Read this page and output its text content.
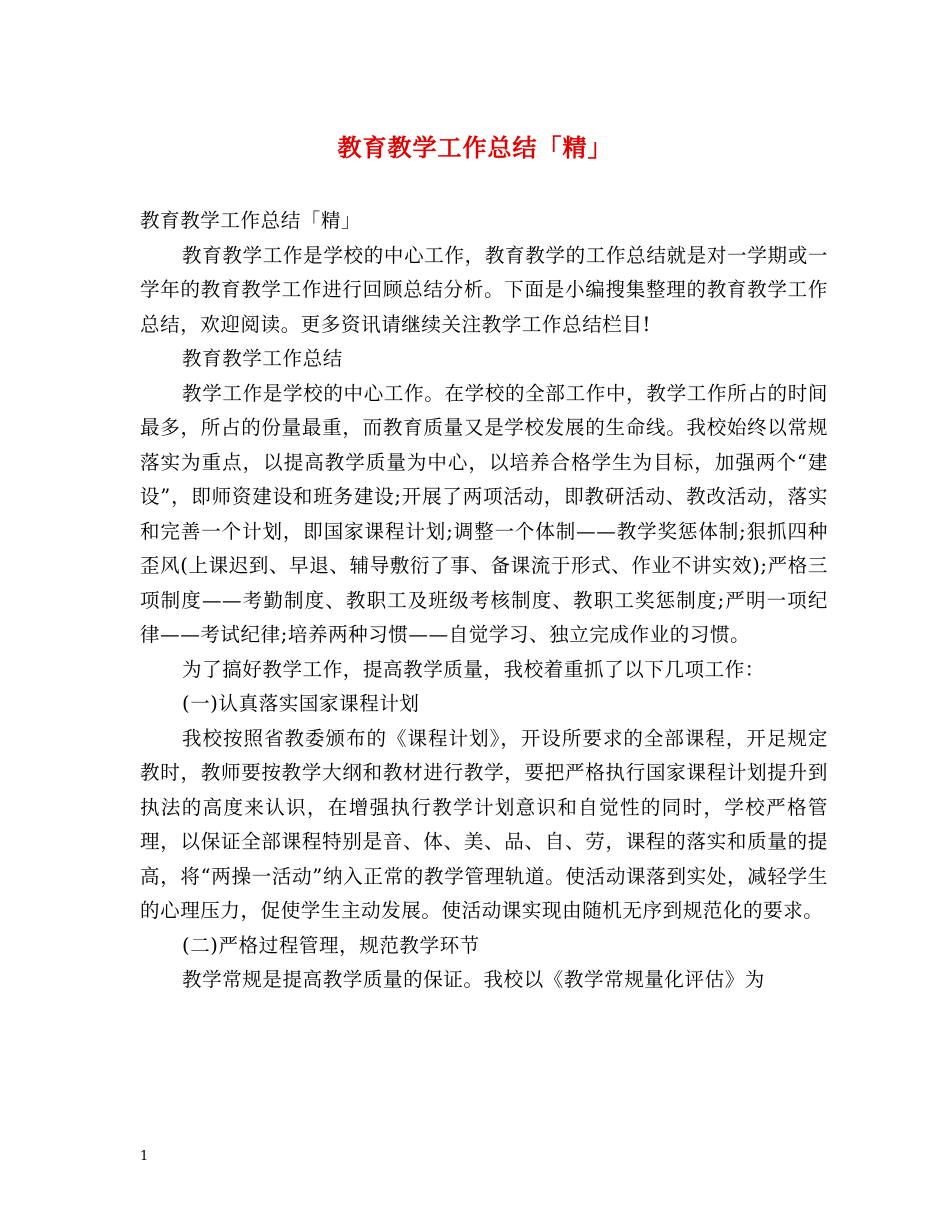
教育教学工作总结「精」

教育教学工作总结「精」

教育教学工作是学校的中心工作，教育教学的工作总结就是对一学期或一学年的教育教学工作进行回顾总结分析。下面是小编搜集整理的教育教学工作总结，欢迎阅读。更多资讯请继续关注教学工作总结栏目!

教育教学工作总结

教学工作是学校的中心工作。在学校的全部工作中，教学工作所占的时间最多，所占的份量最重，而教育质量又是学校发展的生命线。我校始终以常规落实为重点，以提高教学质量为中心，以培养合格学生为目标，加强两个“建设”，即师资建设和班务建设;开展了两项活动，即教研活动、教改活动，落实和完善一个计划，即国家课程计划;调整一个体制——教学奖惩体制;狠抓四种歪风(上课迟到、早退、辅导敷衍了事、备课流于形式、作业不讲实效);严格三项制度——考勤制度、教职工及班级考核制度、教职工奖惩制度;严明一项纪律——考试纪律;培养两种习惯——自觉学习、独立完成作业的习惯。

为了搞好教学工作，提高教学质量，我校着重抓了以下几项工作：

(一)认真落实国家课程计划

我校按照省教委颁布的《课程计划》，开设所要求的全部课程，开足规定教时，教师要按教学大纲和教材进行教学，要把严格执行国家课程计划提升到执法的高度来认识，在增强执行教学计划意识和自觉性的同时，学校严格管理，以保证全部课程特别是音、体、美、品、自、劳，课程的落实和质量的提高，将“两操一活动”纳入正常的教学管理轨道。使活动课落到实处，减轻学生的心理压力，促使学生主动发展。使活动课实现由随机无序到规范化的要求。

(二)严格过程管理，规范教学环节

教学常规是提高教学质量的保证。我校以《教学常规量化评估》为

1
